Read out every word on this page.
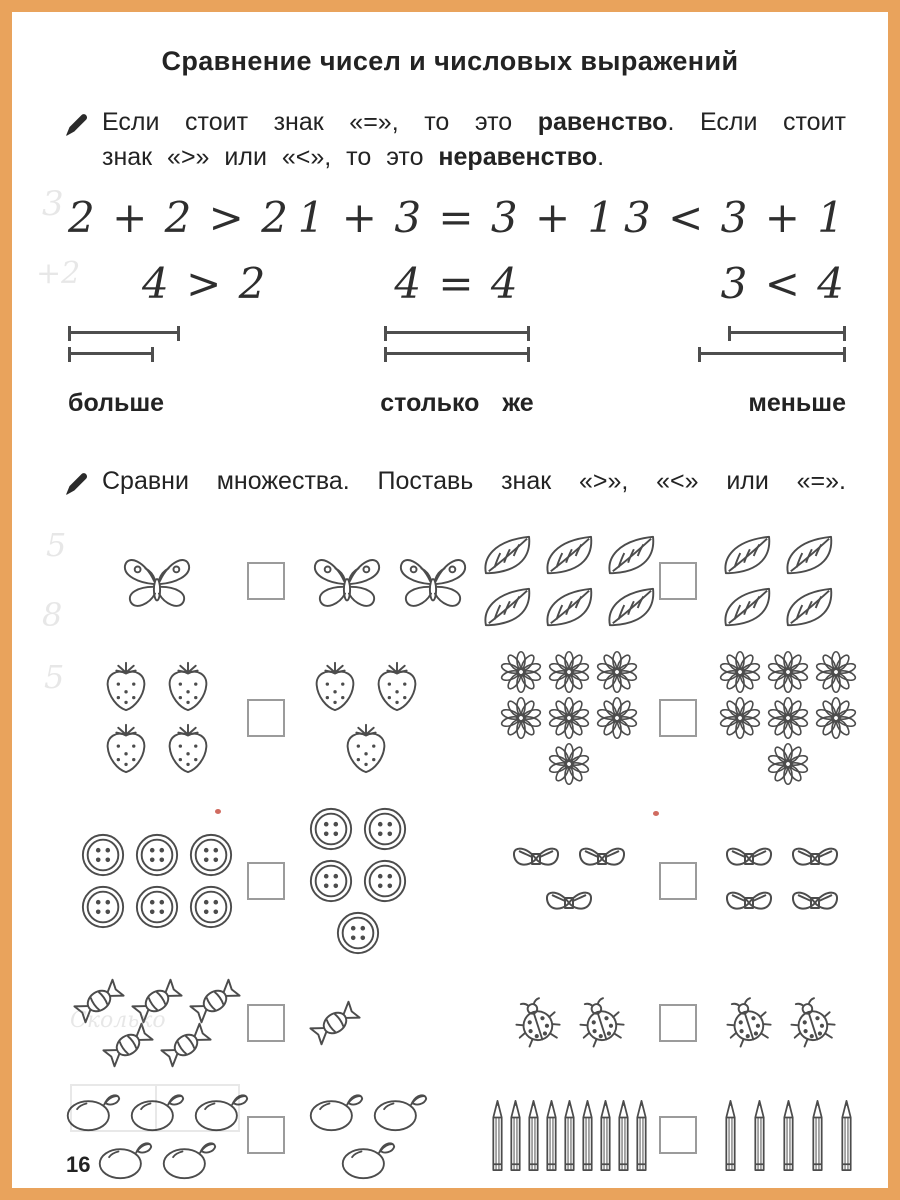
Сравнение чисел и числовых выражений
Если стоит знак «=», то это равенство. Если стоит
знак «>» или «<», то это неравенство.
2 + 2 > 2
4 > 2
больше
1 + 3 = 3 + 1
4 = 4
столько же
3 < 3 + 1
3 < 4
меньше
Сравни множества. Поставь знак «>», «<» или «=».
16
3
+2
5
8
5
Сколько
